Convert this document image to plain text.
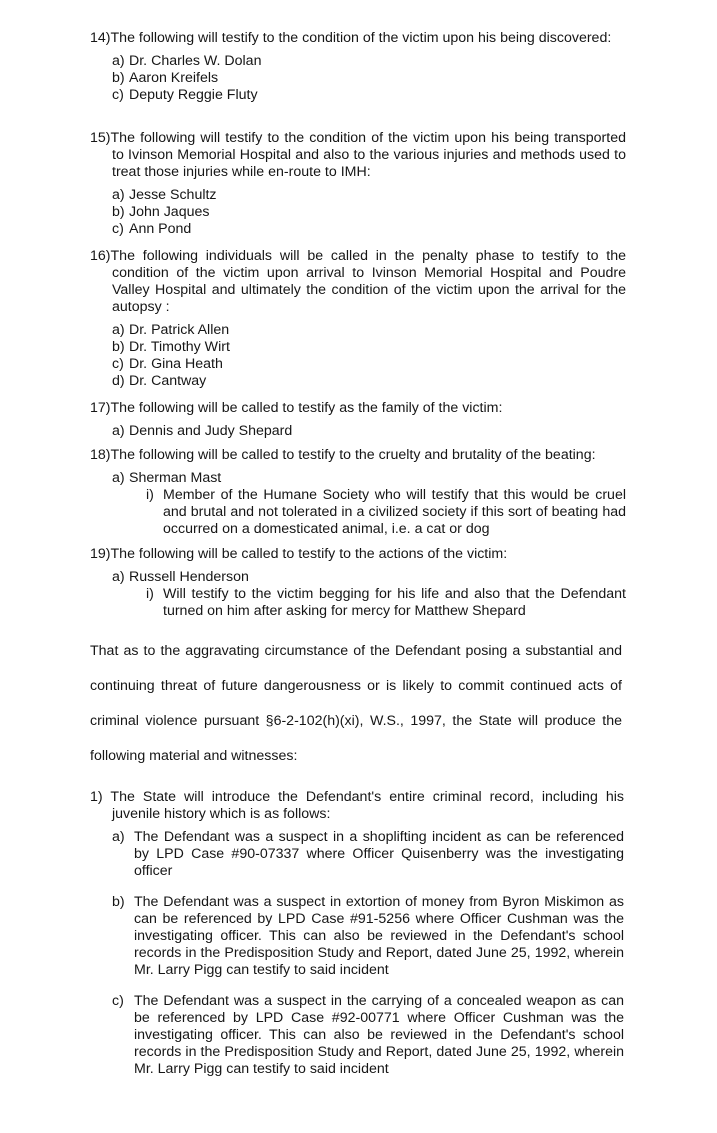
14)The following will testify to the condition of the victim upon his being discovered:

a) Dr. Charles W. Dolan
b) Aaron Kreifels
c) Deputy Reggie Fluty

15)The following will testify to the condition of the victim upon his being transported to Ivinson Memorial Hospital and also to the various injuries and methods used to treat those injuries while en-route to IMH:

a) Jesse Schultz
b) John Jaques
c) Ann Pond

16)The following individuals will be called in the penalty phase to testify to the condition of the victim upon arrival to Ivinson Memorial Hospital and Poudre Valley Hospital and ultimately the condition of the victim upon the arrival for the autopsy :

a) Dr. Patrick Allen
b) Dr. Timothy Wirt
c) Dr. Gina Heath
d) Dr. Cantway

17)The following will be called to testify as the family of the victim:

a) Dennis and Judy Shepard

18)The following will be called to testify to the cruelty and brutality of the beating:

a) Sherman Mast
i) Member of the Humane Society who will testify that this would be cruel and brutal and not tolerated in a civilized society if this sort of beating had occurred on a domesticated animal, i.e. a cat or dog

19)The following will be called to testify to the actions of the victim:

a) Russell Henderson
i) Will testify to the victim begging for his life and also that the Defendant turned on him after asking for mercy for Matthew Shepard

That as to the aggravating circumstance of the Defendant posing a substantial and continuing threat of future dangerousness or is likely to commit continued acts of criminal violence pursuant §6-2-102(h)(xi), W.S., 1997, the State will produce the following material and witnesses:

1) The State will introduce the Defendant's entire criminal record, including his juvenile history which is as follows:

a) The Defendant was a suspect in a shoplifting incident as can be referenced by LPD Case #90-07337 where Officer Quisenberry was the investigating officer
b) The Defendant was a suspect in extortion of money from Byron Miskimon as can be referenced by LPD Case #91-5256 where Officer Cushman was the investigating officer. This can also be reviewed in the Defendant's school records in the Predisposition Study and Report, dated June 25, 1992, wherein Mr. Larry Pigg can testify to said incident
c) The Defendant was a suspect in the carrying of a concealed weapon as can be referenced by LPD Case #92-00771 where Officer Cushman was the investigating officer. This can also be reviewed in the Defendant's school records in the Predisposition Study and Report, dated June 25, 1992, wherein Mr. Larry Pigg can testify to said incident
